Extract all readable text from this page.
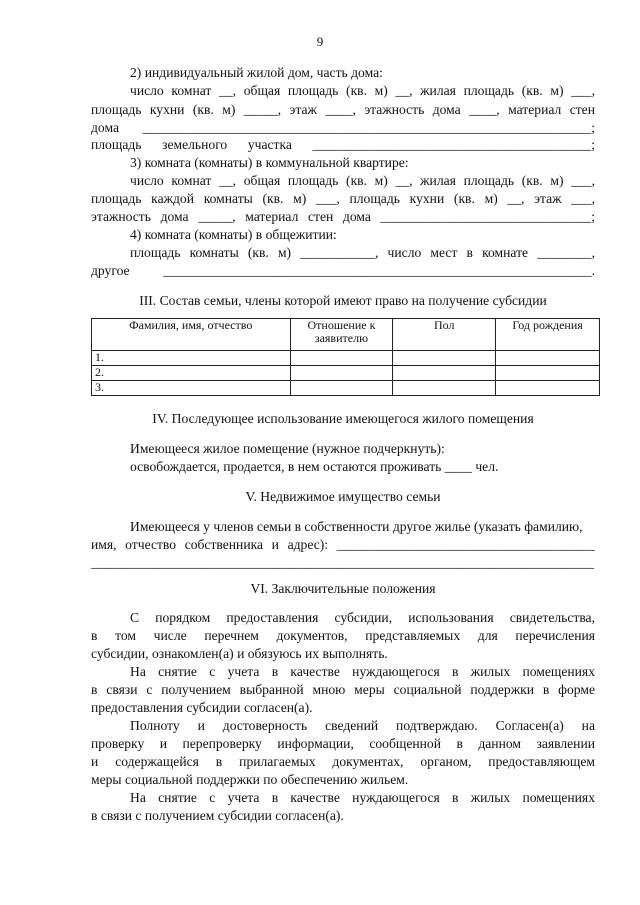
9
2) индивидуальный жилой дом, часть дома:
число комнат __, общая площадь (кв. м) __, жилая площадь (кв. м) ___,
площадь кухни (кв. м) _____, этаж ____, этажность дома ____, материал стен
дома __________________________________________________________________;
площадь земельного участка _________________________________________;
3) комната (комнаты) в коммунальной квартире:
число комнат __, общая площадь (кв. м) __, жилая площадь (кв. м) ___,
площадь каждой комнаты (кв. м) ___, площадь кухни (кв. м) __, этаж ___,
этажность дома _____, материал стен дома _______________________________;
4) комната (комнаты) в общежитии:
площадь комнаты (кв. м) ___________, число мест в комнате ________,
другое _______________________________________________________________.
III. Состав семьи, члены которой имеют право на получение субсидии
Фамилия, имя, отчество	Отношение к заявителю	Пол	Год рождения
1.			
2.			
3.			
IV. Последующее использование имеющегося жилого помещения
Имеющееся жилое помещение (нужное подчеркнуть):
освобождается, продается, в нем остаются проживать ____ чел.
V. Недвижимое имущество семьи
Имеющееся у членов семьи в собственности другое жилье (указать фамилию,
имя, отчество собственника и адрес): ______________________________________
__________________________________________________________________________
VI. Заключительные положения
С порядком предоставления субсидии, использования свидетельства,
в том числе перечнем документов, представляемых для перечисления
субсидии, ознакомлен(а) и обязуюсь их выполнять.
На снятие с учета в качестве нуждающегося в жилых помещениях
в связи с получением выбранной мною меры социальной поддержки в форме
предоставления субсидии согласен(а).
Полноту и достоверность сведений подтверждаю. Согласен(а) на
проверку и перепроверку информации, сообщенной в данном заявлении
и содержащейся в прилагаемых документах, органом, предоставляющем
меры социальной поддержки по обеспечению жильем.
На снятие с учета в качестве нуждающегося в жилых помещениях
в связи с получением субсидии согласен(а).
